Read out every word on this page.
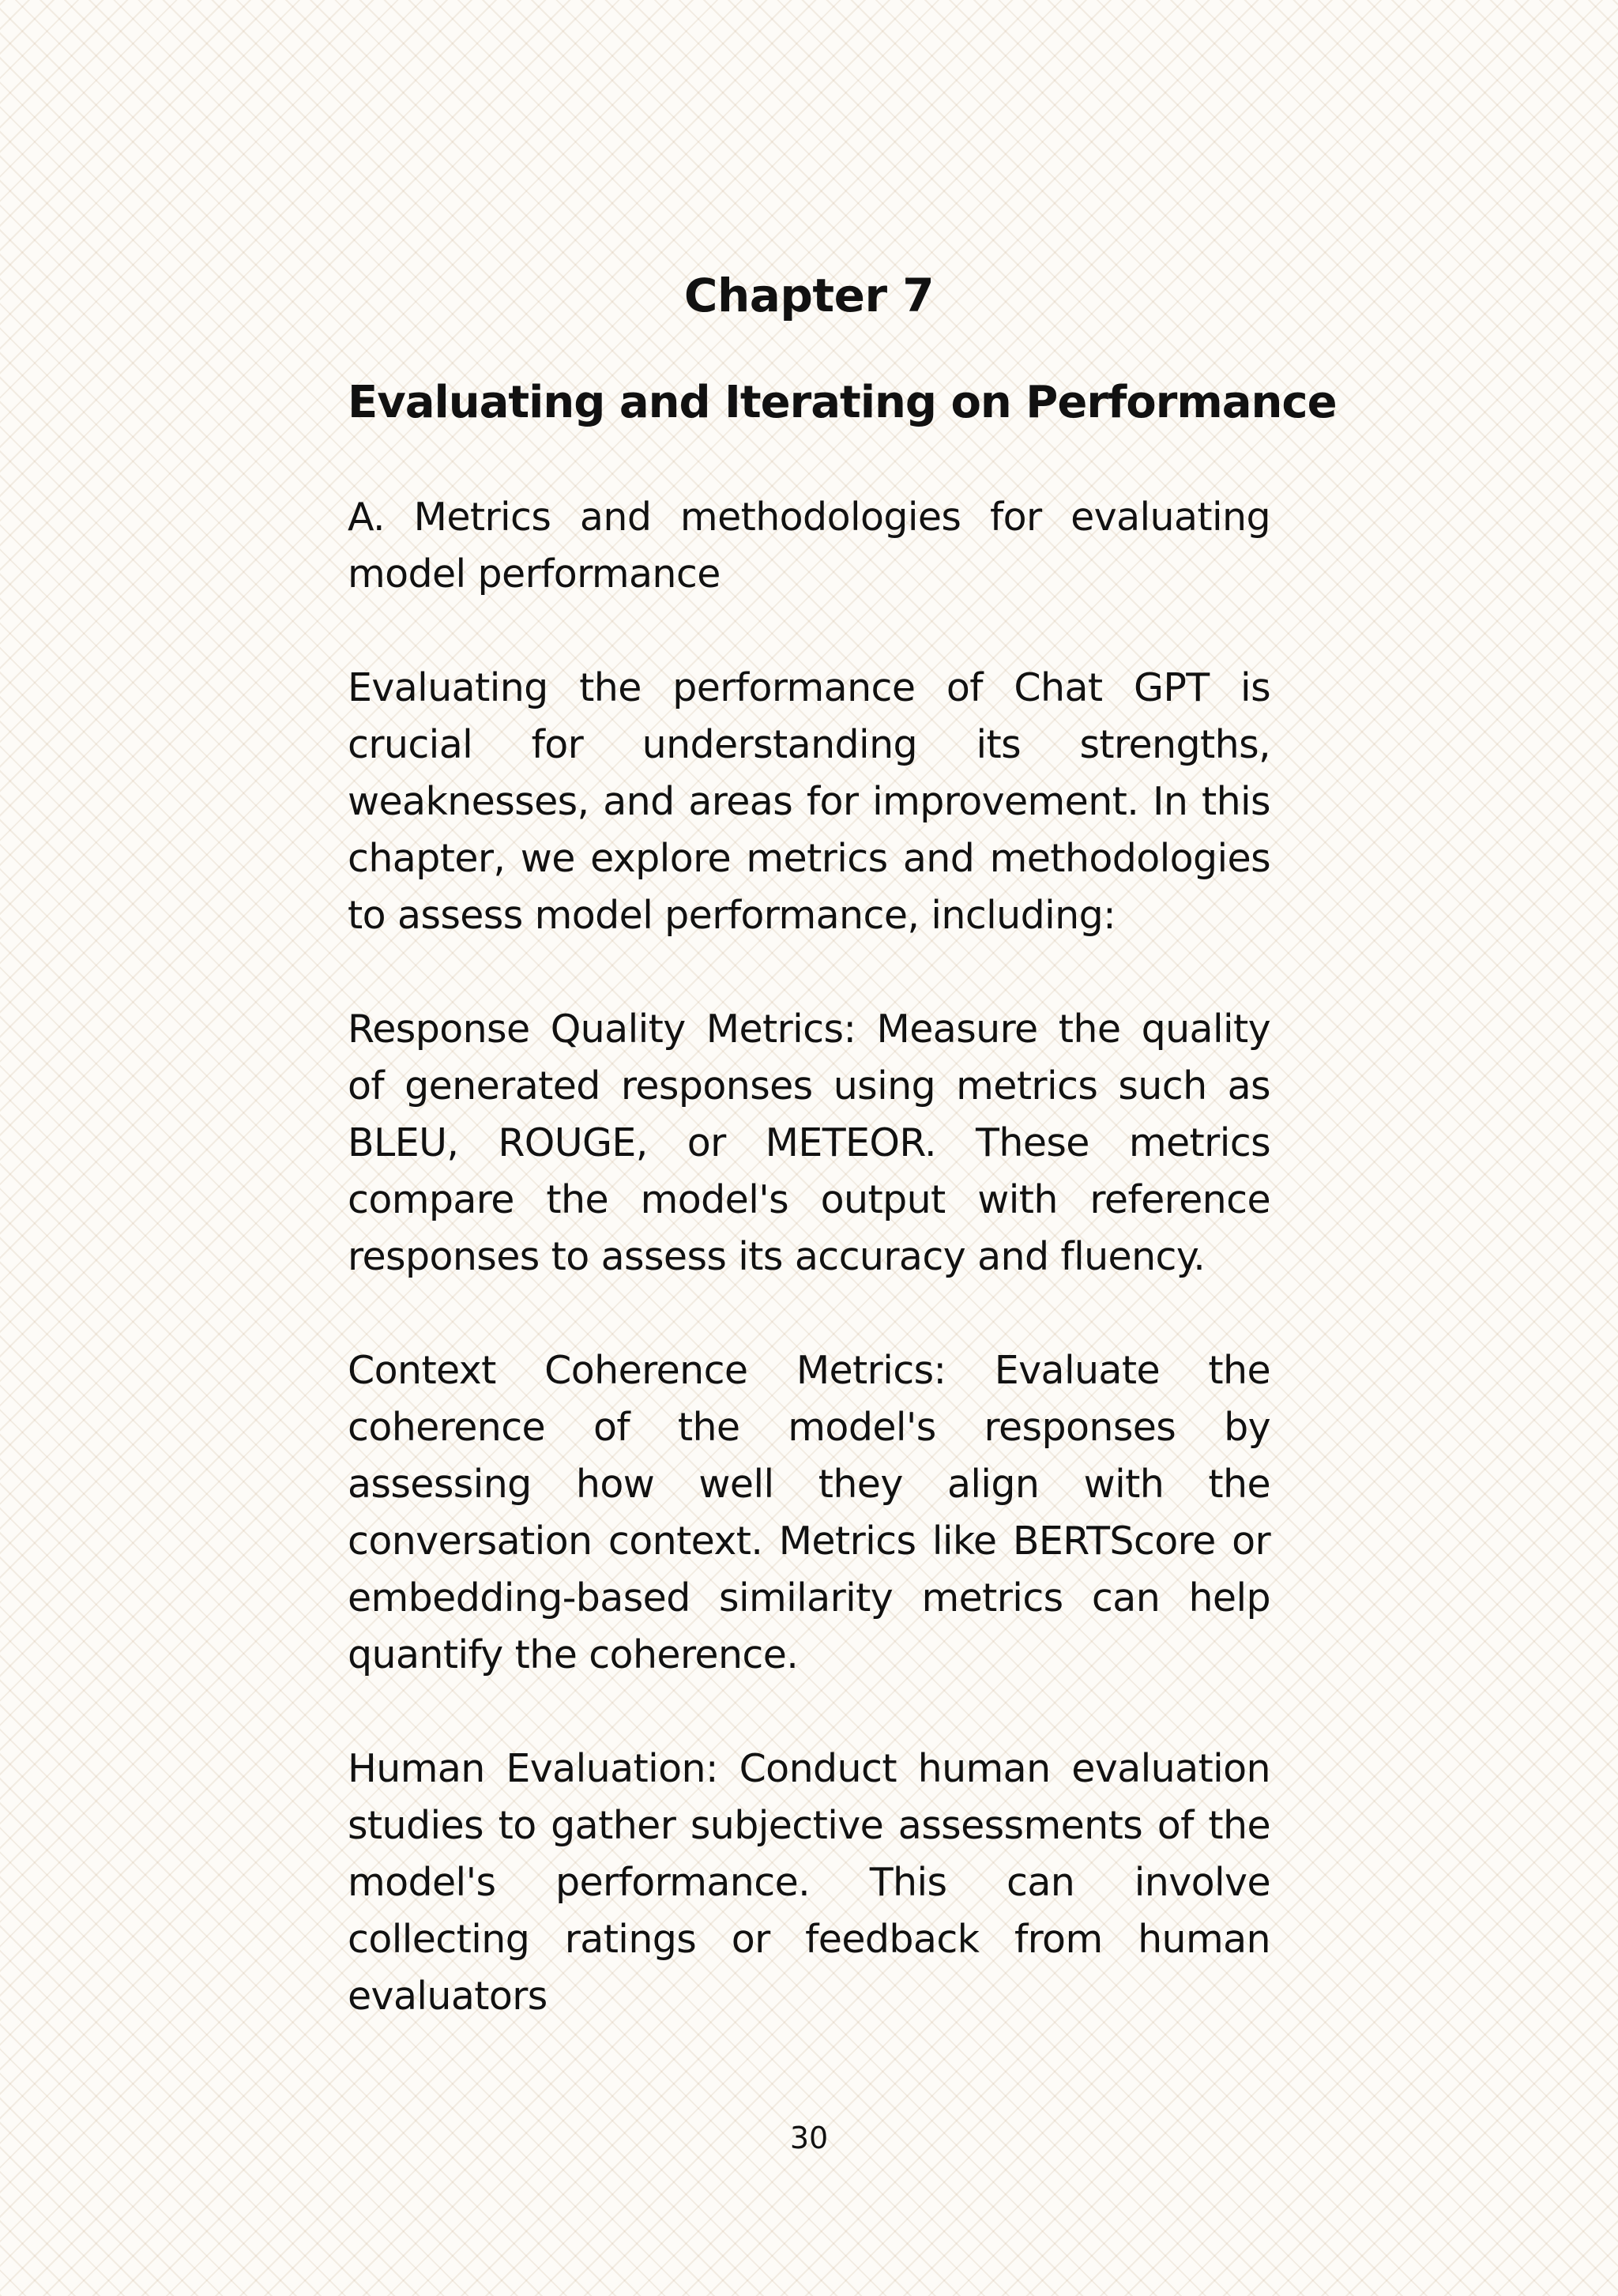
Chapter 7
Evaluating and Iterating on Performance

A. Metrics and methodologies for evaluating model performance

Evaluating the performance of Chat GPT is crucial for understanding its strengths, weaknesses, and areas for improvement. In this chapter, we explore metrics and methodologies to assess model performance, including:

Response Quality Metrics: Measure the quality of generated responses using metrics such as BLEU, ROUGE, or METEOR. These metrics compare the model's output with reference responses to assess its accuracy and fluency.

Context Coherence Metrics: Evaluate the coherence of the model's responses by assessing how well they align with the conversation context. Metrics like BERTScore or embedding-based similarity metrics can help quantify the coherence.

Human Evaluation: Conduct human evaluation studies to gather subjective assessments of the model's performance. This can involve collecting ratings or feedback from human evaluators

30
